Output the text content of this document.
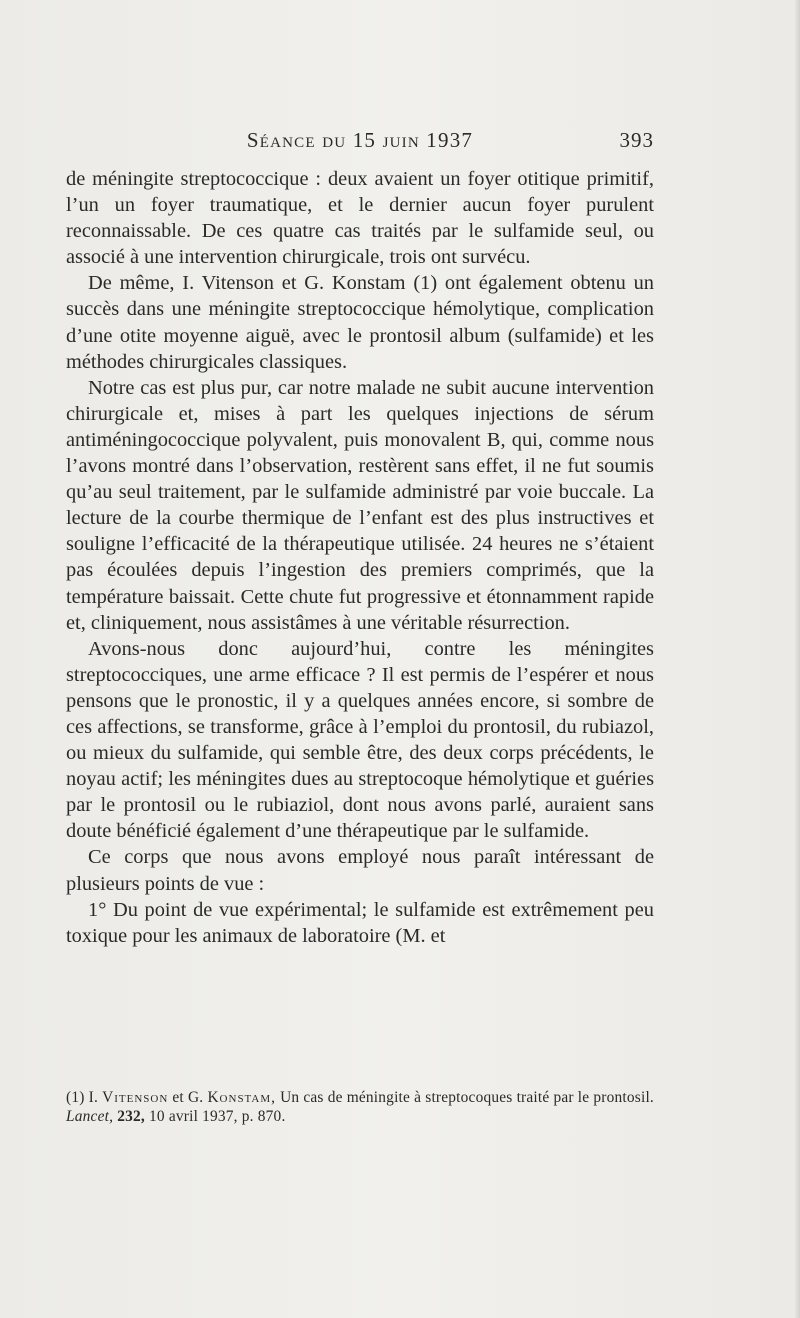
Séance du 15 juin 1937	393

de méningite streptococcique : deux avaient un foyer otitique primitif, l’un un foyer traumatique, et le dernier aucun foyer purulent reconnaissable. De ces quatre cas traités par le sulfamide seul, ou associé à une intervention chirurgicale, trois ont survécu.

De même, I. Vitenson et G. Konstam (1) ont également obtenu un succès dans une méningite streptococcique hémolytique, complication d’une otite moyenne aiguë, avec le prontosil album (sulfamide) et les méthodes chirurgicales classiques.

Notre cas est plus pur, car notre malade ne subit aucune intervention chirurgicale et, mises à part les quelques injections de sérum antiméningococcique polyvalent, puis monovalent B, qui, comme nous l’avons montré dans l’observation, restèrent sans effet, il ne fut soumis qu’au seul traitement, par le sulfamide administré par voie buccale. La lecture de la courbe thermique de l’enfant est des plus instructives et souligne l’efficacité de la thérapeutique utilisée. 24 heures ne s’étaient pas écoulées depuis l’ingestion des premiers comprimés, que la température baissait. Cette chute fut progressive et étonnamment rapide et, cliniquement, nous assistâmes à une véritable résurrection.

Avons-nous donc aujourd’hui, contre les méningites streptococciques, une arme efficace ? Il est permis de l’espérer et nous pensons que le pronostic, il y a quelques années encore, si sombre de ces affections, se transforme, grâce à l’emploi du prontosil, du rubiazol, ou mieux du sulfamide, qui semble être, des deux corps précédents, le noyau actif; les méningites dues au streptocoque hémolytique et guéries par le prontosil ou le rubiaziol, dont nous avons parlé, auraient sans doute bénéficié également d’une thérapeutique par le sulfamide.

Ce corps que nous avons employé nous paraît intéressant de plusieurs points de vue :

1° Du point de vue expérimental; le sulfamide est extrêmement peu toxique pour les animaux de laboratoire (M. et

(1) I. Vitenson et G. Konstam, Un cas de méningite à streptocoques traité par le prontosil. Lancet, 232, 10 avril 1937, p. 870.
